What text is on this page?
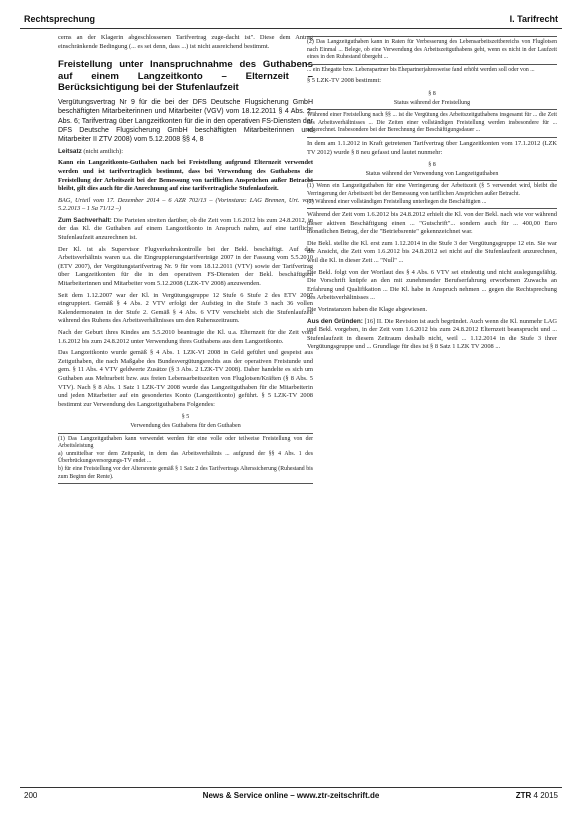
Rechtsprechung	I. Tarifrecht

cerns an der Klagerin abgeschlossenen Tarifvertrag zuge-dacht ist". Diese dem Antrag einschränkende Bedingung (... es sei denn, dass ...) ist nicht ausreichend bestimmt.

Freistellung unter Inanspruchnahme des Guthabens auf einem Langzeitkonto – Elternzeit – Berücksichtigung bei der Stufenlaufzeit

Vergütungsvertrag Nr 9 für die bei der DFS Deutsche Flugsicherung GmbH beschäftigten Mitarbeiterinnen und Mitarbeiter (VGV) vom 18.12.2011 § 4 Abs. 2, Abs. 6; Tarifvertrag über Langzeitkonten für die in den operativen FS-Diensten der DFS Deutsche Flugsicherung GmbH beschäftigten Mitarbeiterinnen und Mitarbeiter II ZTV 2008) vom 5.12.2008 §§ 4, 8

Leitsatz (nicht amtlich):

Kann ein Langzeitkonto-Guthaben nach bei Freistellung aufgrund Elternzeit verwendet werden und ist tarifvertraglich bestimmt, dass bei Verwendung des Guthabens die Freistellung der Arbeitszeit bei der Bemessung von tariflichen Ansprüchen außer Betracht bleibt, gilt dies auch für die Anrechnung auf eine tarifvertragliche Stufenlaufzeit.

BAG, Urteil vom 17. Dezember 2014 – 6 AZR 702/13 – (Vorinstanz: LAG Bremen, Urt. vom 5.2.2013 – 1 Sa 71/12 –)

Zum Sachverhalt: Die Parteien streiten darüber, ob die Zeit vom 1.6.2012 bis zum 24.8.2012, in der das Kl. die Guthaben auf einem Langzeitkonto in Anspruch nahm, auf eine tarifliche Stufenlaufzeit anzurechnen ist.

Der Kl. ist als Supervisor Flugverkehrskontrolle bei der Bekl. beschäftigt. Auf das Arbeitsverhältnis waren u.a. die Eingruppierungstarifverträge 2007 in der Fassung vom 5.5.2010 (ETV 2007), der Vergütungstarifvertrag Nr. 9 für vom 18.12.2011 (VTV) sowie der Tarifvertrag über Langzeitkonten für die in den operativen FS-Diensten der Bekl. beschäftigten Mitarbeiterinnen und Mitarbeiter vom 5.12.2008 (LZK-TV 2008) anzuwenden.

Seit dem 1.12.2007 war der Kl. in Vergütungsgruppe 12 Stufe 6 Stufe 2 des ETV 2007 eingruppiert. Gemäß § 4 Abs. 2 VTV erfolgt der Aufstieg in die Stufe 3 nach 36 vollen Kalendermonaten in der Stufe 2. Gemäß § 4 Abs. 6 VTV verschiebt sich die Stufenlaufzeit während des Ruhens des Arbeitsverhältnisses um den Ruhenszeitraum.

Nach der Geburt ihres Kindes am 5.5.2010 beantragte die Kl. u.a. Elternzeit für die Zeit vom 1.6.2012 bis zum 24.8.2012 unter Verwendung ihres Guthabens aus dem Langzeitkonto.

Das Langzeitkonto wurde gemäß § 4 Abs. 1 LZK-VI 2008 in Geld geführt und gespeist aus Zeitguthaben, die nach Maßgabe des Bundesvergütungsrechts aus der operativen Freistunde und gem. § 11 Abs. 4 VTV geldwerte Zusätze (§ 3 Abs. 2 LZK-TV 2008). Daher handelte es sich um Guthaben aus Mehrarbeit bzw. aus freien Lebensarbeitszeiten von Fluglotsen/Kräften (§ 8 Abs. 5 VTV). Nach § 8 Abs. 1 Satz 1 LZK-TV 2008 wurde das Langzeitguthaben für die Mitarbeiterin und jeden Mitarbeiter auf ein gesondertes Konto (Langzeitkonto) geführt. § 5 LZK-TV 2008 bestimmt zur Verwendung des Langzeitguthabens Folgendes:

§ 5
Verwendung des Guthabens für den Guthaben
(1) Das Langzeitguthaben kann verwendet werden für eine volle oder teilweise Freistellung von der Arbeitsleistung
a) unmittelbar vor dem Zeitpunkt, in dem das Arbeitsverhältnis ... aufgrund der §§ 4 Abs. 1 des Überbrückungsversorgungs-TV endet ...
b) für eine Freistellung vor der Altersrente gemäß § 1 Satz 2 des Tarifvertrags Alterssicherung (Ruhestand bis zum Beginn der Rente).
(2) Das Langzeitguthaben kann in Raten für Verbesserung des Lebensarbeitszeitbereichs von Fluglotsen nach Einmal ... Belege, ob eine Verwendung des Arbeitszeitguthabens geht, wenn es nicht in der Laufzeit eines in den Ruhestand übergeht ...

... ein Ehegatte bzw. Lebenspartner bis Ehepartnerjahresweise fand erhöht werden soll oder von ...

§ 5 LZK-TV 2008 bestimmt:

§ 8
Status während der Freistellung
Während einer Freistellung nach §§ ... ist die Vergütung des Arbeitszeitguthabens insgesamt für ... die Zeit des Arbeitsverhältnisses ... Die Zeiten einer vollständigen Freistellung werden insbesondere für ... angerechnet. Insbesondere bei der Berechnung der Beschäftigungsdauer ...

In dem am 1.1.2012 in Kraft getretenen Tarifvertrag über Langzeitkonten vom 17.1.2012 (LZK TV 2012) wurde § 8 neu gefasst und lautet nunmehr:

§ 8
Status während der Verwendung von Langzeitguthaben
(1) Wenn ein Langzeitguthaben für eine Verringerung der Arbeitszeit (§ 5 verwendet wird, bleibt die Verringerung der Arbeitszeit bei der Bemessung von tariflichen Ansprüchen außer Betracht.
(2) Während einer vollständigen Freistellung unterliegen die Beschäftigten ...

Während der Zeit vom 1.6.2012 bis 24.8.2012 erhielt die Kl. von der Bekl. nach wie vor während dieser aktiven Beschäftigung einen ... "Gutschrift"... sondern auch für ... 400,00 Euro monatlichen Betrag, der die "Betriebsrente" gekennzeichnet war.

Die Bekl. stellte die Kl. erst zum 1.12.2014 in die Stufe 3 der Vergütungsgruppe 12 ein. Sie war der Ansicht, die Zeit vom 1.6.2012 bis 24.8.2012 sei nicht auf die Stufenlaufzeit anzurechnen, weil die Kl. in dieser Zeit ... "Null" ...

Die Bekl. folgt von der Wortlaut des § 4 Abs. 6 VTV sei eindeutig und nicht auslegungsfähig. Die Vorschrift knüpfe an den mit zunehmender Berufserfahrung erworbenen Zuwachs an Erfahrung und Qualifikation ... Die Kl. habe in Anspruch nehmen ... gegen die Rechtsprechung des Arbeitsverhältnisses ...

Die Vorinstanzen haben die Klage abgewiesen.

Aus den Gründen: [16] II. Die Revision ist auch begründet. Auch wenn die Kl. nunmehr LAG und Bekl. vorgeben, in der Zeit vom 1.6.2012 bis zum 24.8.2012 Elternzeit beansprucht und ... Stufenlaufzeit in diesem Zeitraum deshalb nicht, weil ... 1.12.2014 in die Stufe 3 ihrer Vergütungsgruppe und ... Grundlage für dies ist § 8 Satz 1 LZK TV 2008 ...

200	News & Service online – www.ztr-zeitschrift.de	ZTR 4 2015
